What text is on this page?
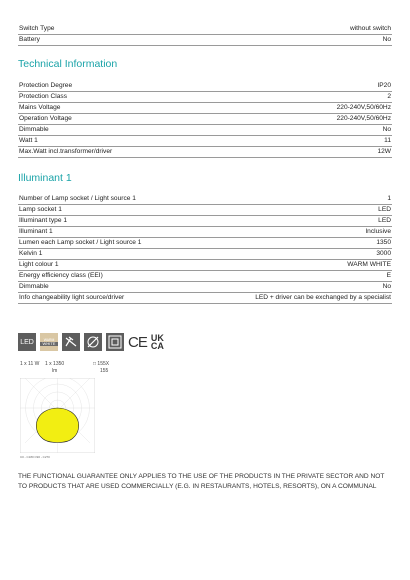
Switch Type	without switch
Battery	No
Technical Information
Protection Degree	IP20
Protection Class	2
Mains Voltage	220-240V,50/60Hz
Operation Voltage	220-240V,50/60Hz
Dimmable	No
Watt 1	11
Max.Watt incl.transformer/driver	12W
Illuminant 1
Number of Lamp socket / Light source 1	1
Lamp socket 1	LED
Illuminant type 1	LED
Illuminant 1	Inclusive
Lumen each Lamp socket / Light source 1	1350
Kelvin 1	3000
Light colour 1	WARM WHITE
Energy efficiency class (EEI)	E
Dimmable	No
Info changeability light source/driver	LED + driver can be exchanged by a specialist
LED	WARM
WHITE	CE UK
CA
1 x 11 W 1 x 1350
lm
□ 155X
155
C0 - C180 C90 - C270
THE FUNCTIONAL GUARANTEE ONLY APPLIES TO THE USE OF THE PRODUCTS IN THE PRIVATE SECTOR AND NOT TO PRODUCTS THAT ARE USED COMMERCIALLY (E.G. IN RESTAURANTS, HOTELS, RESORTS), ON A COMMUNAL
